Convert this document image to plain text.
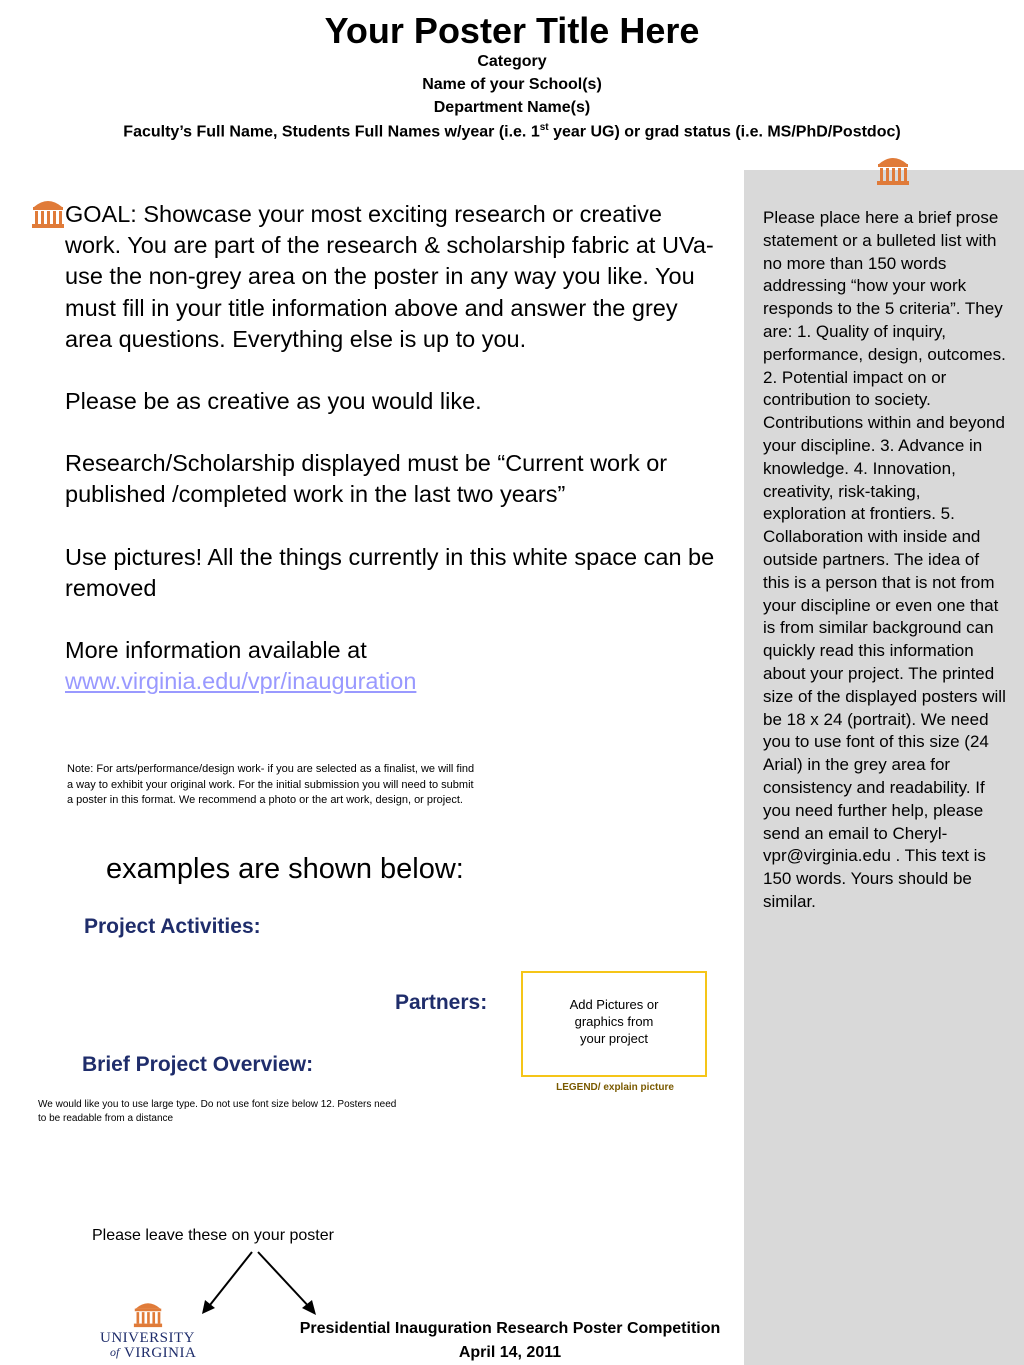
Your Poster Title Here
Category
Name of your School(s)
Department Name(s)
Faculty’s Full Name, Students Full Names w/year (i.e. 1st year UG) or grad status (i.e. MS/PhD/Postdoc)
Please place here a brief prose statement or a bulleted list with no more than 150 words addressing “how your work responds to the 5 criteria”. They are: 1. Quality of inquiry, performance, design, outcomes. 2. Potential impact on or contribution to society. Contributions within and beyond your discipline. 3. Advance in knowledge. 4. Innovation, creativity, risk-taking, exploration at frontiers. 5. Collaboration with inside and outside partners. The idea of this is a person that is not from your discipline or even one that is from similar background can quickly read this information about your project. The printed size of the displayed posters will be 18 x 24 (portrait). We need you to use font of this size (24 Arial) in the grey area for consistency and readability. If you need further help, please send an email to Cheryl-vpr@virginia.edu . This text is 150 words. Yours should be similar.

GOAL: Showcase your most exciting research or creative work. You are part of the research & scholarship fabric at UVa- use the non-grey area on the poster in any way you like. You must fill in your title information above and answer the grey area questions. Everything else is up to you.

Please be as creative as you would like.

Research/Scholarship displayed must be “Current work or published /completed work in the last two years”

Use pictures! All the things currently in this white space can be removed

More information available at
www.virginia.edu/vpr/inauguration

Note: For arts/performance/design work- if you are selected as a finalist, we will find a way to exhibit your original work. For the initial submission you will need to submit a poster in this format. We recommend a photo or the art work, design, or project.
examples are shown below:
Project Activities:
Partners:
Brief Project Overview:
Add Pictures or graphics from your project
LEGEND/ explain picture
We would like you to use large type. Do not use font size below 12. Posters need to be readable from a distance
Please leave these on your poster
UNIVERSITY
of VIRGINIA
Presidential Inauguration Research Poster Competition
April 14, 2011
